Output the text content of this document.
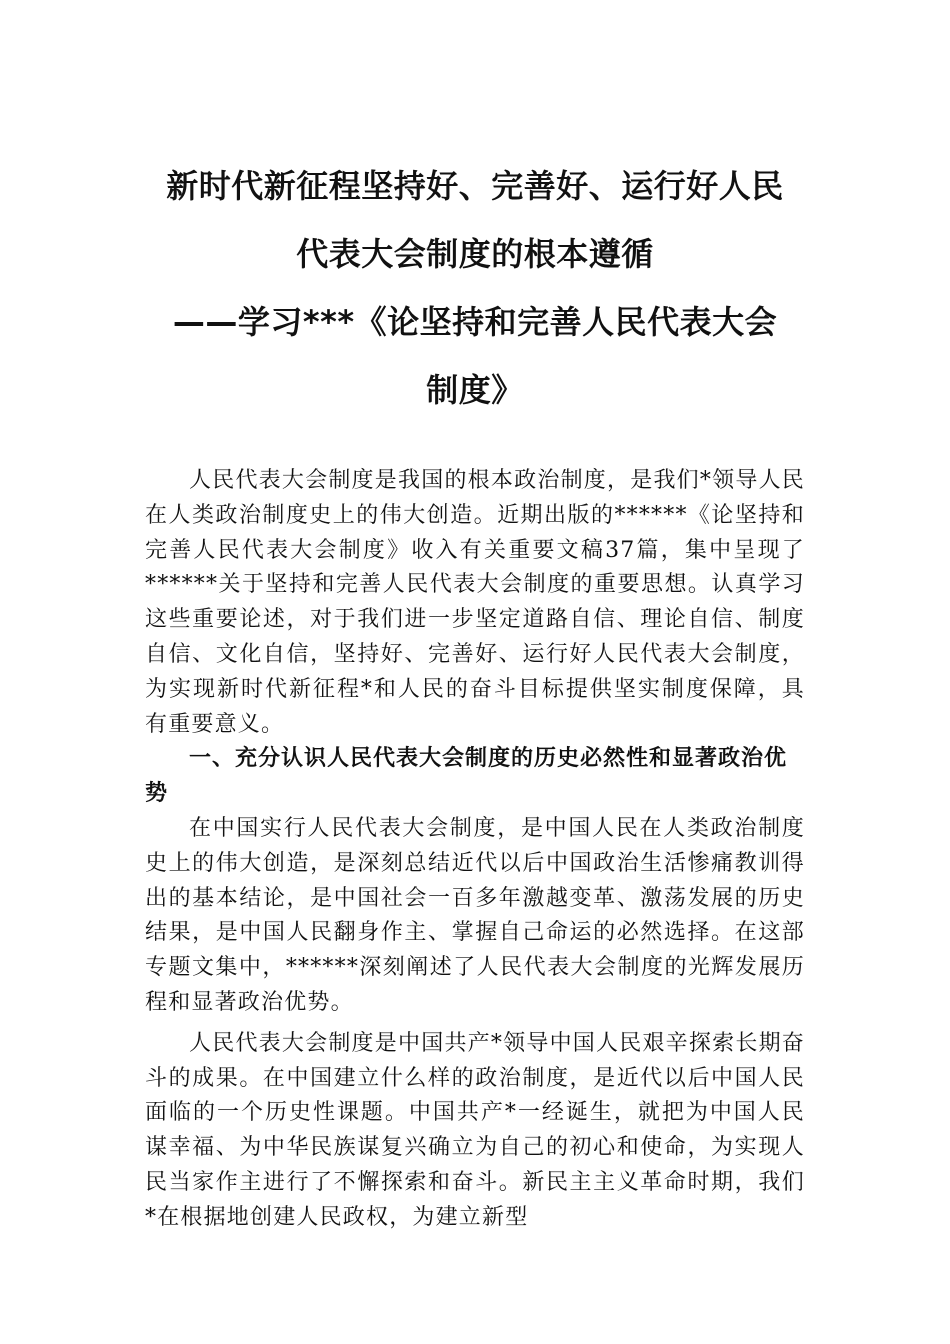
新时代新征程坚持好、完善好、运行好人民
代表大会制度的根本遵循
——学习***《论坚持和完善人民代表大会
制度》

人民代表大会制度是我国的根本政治制度，是我们*领导人民在人类政治制度史上的伟大创造。近期出版的******《论坚持和完善人民代表大会制度》收入有关重要文稿37篇，集中呈现了******关于坚持和完善人民代表大会制度的重要思想。认真学习这些重要论述，对于我们进一步坚定道路自信、理论自信、制度自信、文化自信，坚持好、完善好、运行好人民代表大会制度，为实现新时代新征程*和人民的奋斗目标提供坚实制度保障，具有重要意义。

一、充分认识人民代表大会制度的历史必然性和显著政治优势

在中国实行人民代表大会制度，是中国人民在人类政治制度史上的伟大创造，是深刻总结近代以后中国政治生活惨痛教训得出的基本结论，是中国社会一百多年激越变革、激荡发展的历史结果，是中国人民翻身作主、掌握自己命运的必然选择。在这部专题文集中，******深刻阐述了人民代表大会制度的光辉发展历程和显著政治优势。

人民代表大会制度是中国共产*领导中国人民艰辛探索长期奋斗的成果。在中国建立什么样的政治制度，是近代以后中国人民面临的一个历史性课题。中国共产*一经诞生，就把为中国人民谋幸福、为中华民族谋复兴确立为自己的初心和使命，为实现人民当家作主进行了不懈探索和奋斗。新民主主义革命时期，我们*在根据地创建人民政权，为建立新型
